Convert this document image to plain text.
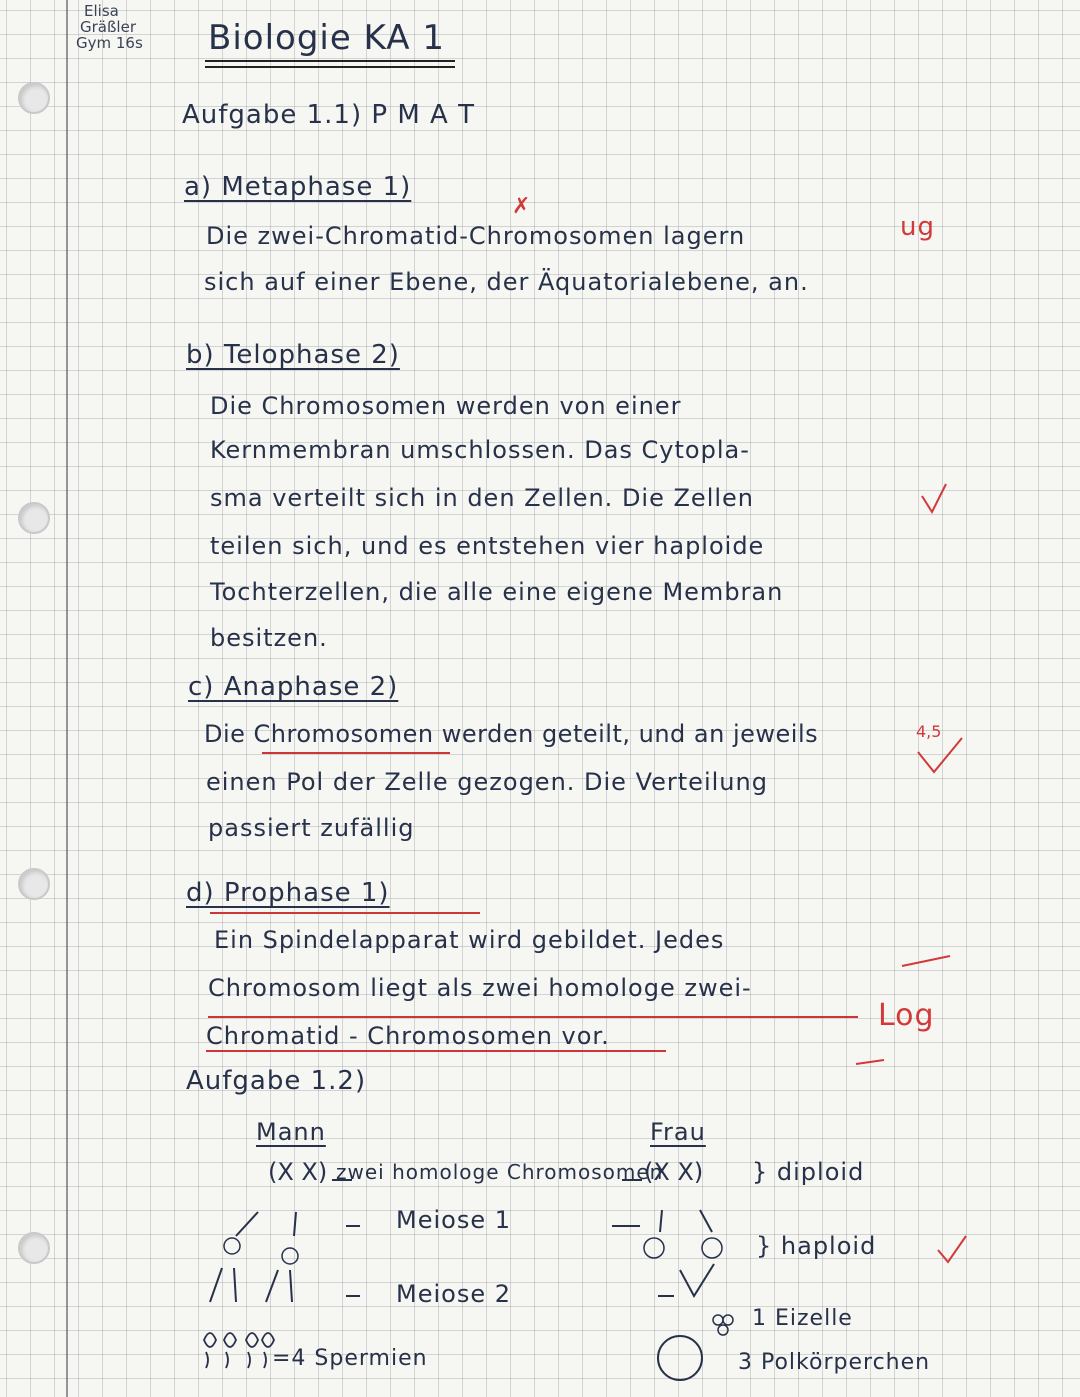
Elisa
Gräßler
Gym 16s Biologie KA 1
Aufgabe 1.1) P M A T
a) Metaphase 1)
✗
Die zwei-Chromatid-Chromosomen lagern
sich auf einer Ebene, der Äquatorialebene, an.
ug
b) Telophase 2)
Die Chromosomen werden von einer
Kernmembran umschlossen. Das Cytopla-
sma verteilt sich in den Zellen. Die Zellen
teilen sich, und es entstehen vier haploide
Tochterzellen, die alle eine eigene Membran
besitzen.
c) Anaphase 2)
Die Chromosomen werden geteilt, und an jeweils
einen Pol der Zelle gezogen. Die Verteilung
passiert zufällig
4,5
d) Prophase 1)
Ein Spindelapparat wird gebildet. Jedes
Chromosom liegt als zwei homologe zwei-
Chromatid - Chromosomen vor.
Log
Aufgabe 1.2)
Mann	Frau
(X X)	(X X)
zwei homologe Chromosomen	} diploid
Meiose 1
} haploid
Meiose 2
=4 Spermien
1 Eizelle
3 Polkörperchen
